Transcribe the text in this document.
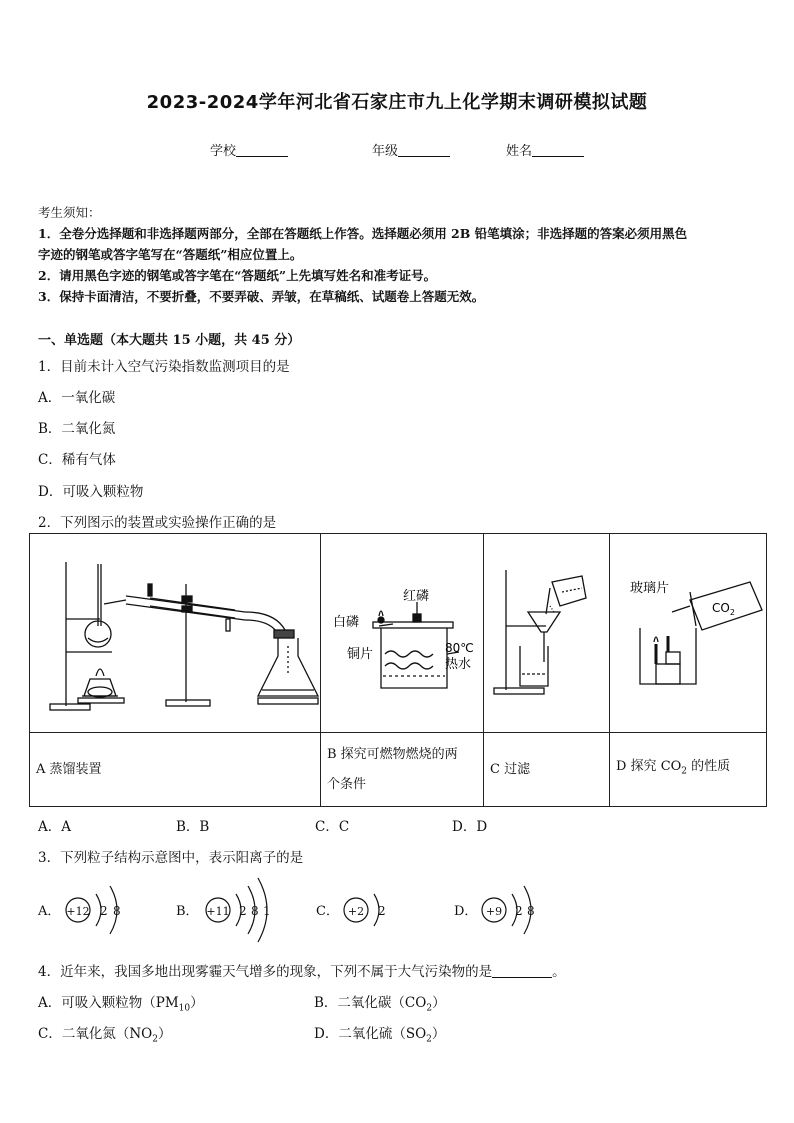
2023-2024学年河北省石家庄市九上化学期末调研模拟试题
学校	年级	姓名
考生须知：
1．全卷分选择题和非选择题两部分，全部在答题纸上作答。选择题必须用 2B 铅笔填涂；非选择题的答案必须用黑色
字迹的钢笔或答字笔写在“答题纸”相应位置上。
2．请用黑色字迹的钢笔或答字笔在“答题纸”上先填写姓名和准考证号。
3．保持卡面清洁，不要折叠，不要弄破、弄皱，在草稿纸、试题卷上答题无效。
一、单选题（本大题共 15 小题，共 45 分）
1．目前未计入空气污染指数监测项目的是
A．一氧化碳
B．二氧化氮
C．稀有气体
D．可吸入颗粒物
2．下列图示的装置或实验操作正确的是

红磷
白磷
铜片 80℃
热水		玻璃片
$CO_2$

A 蒸馏装置	B 探究可燃物燃烧的两
个条件	C 过滤	D 探究 $CO_2$ 的性质
A．A	B．B	C．C	D．D
3．下列粒子结构示意图中，表示阳离子的是
A． +12 2 8	B． +11 2 8 1	C． +2 2	D． +9 2 8
4．近年来，我国多地出现雾霾天气增多的现象，下列不属于大气污染物的是	。
A．可吸入颗粒物$(PM_{10})$	B．二氧化碳$(CO_2)$
C．二氧化氮$(NO_2)$	D．二氧化硫$(SO_2)$
